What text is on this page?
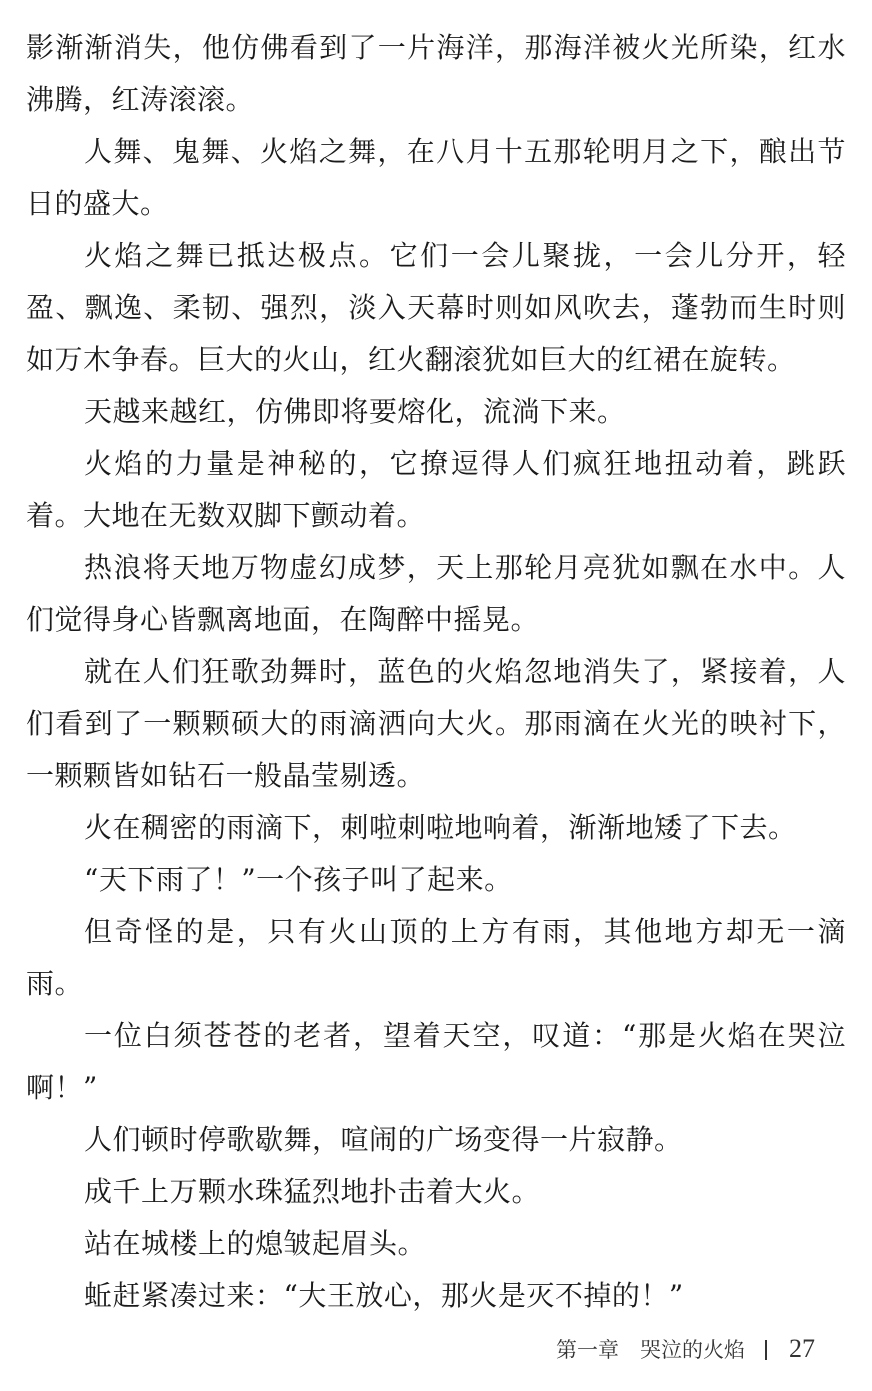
影渐渐消失，他仿佛看到了一片海洋，那海洋被火光所染，红水沸腾，红涛滚滚。

人舞、鬼舞、火焰之舞，在八月十五那轮明月之下，酿出节日的盛大。

火焰之舞已抵达极点。它们一会儿聚拢，一会儿分开，轻盈、飘逸、柔韧、强烈，淡入天幕时则如风吹去，蓬勃而生时则如万木争春。巨大的火山，红火翻滚犹如巨大的红裙在旋转。

天越来越红，仿佛即将要熔化，流淌下来。

火焰的力量是神秘的，它撩逗得人们疯狂地扭动着，跳跃着。大地在无数双脚下颤动着。

热浪将天地万物虚幻成梦，天上那轮月亮犹如飘在水中。人们觉得身心皆飘离地面，在陶醉中摇晃。

就在人们狂歌劲舞时，蓝色的火焰忽地消失了，紧接着，人们看到了一颗颗硕大的雨滴洒向大火。那雨滴在火光的映衬下，一颗颗皆如钻石一般晶莹剔透。

火在稠密的雨滴下，刺啦刺啦地响着，渐渐地矮了下去。

“天下雨了！”一个孩子叫了起来。

但奇怪的是，只有火山顶的上方有雨，其他地方却无一滴雨。

一位白须苍苍的老者，望着天空，叹道：“那是火焰在哭泣啊！”

人们顿时停歌歇舞，喧闹的广场变得一片寂静。

成千上万颗水珠猛烈地扑击着大火。

站在城楼上的熄皱起眉头。

蚯赶紧凑过来：“大王放心，那火是灭不掉的！”

第一章　哭泣的火焰 27
